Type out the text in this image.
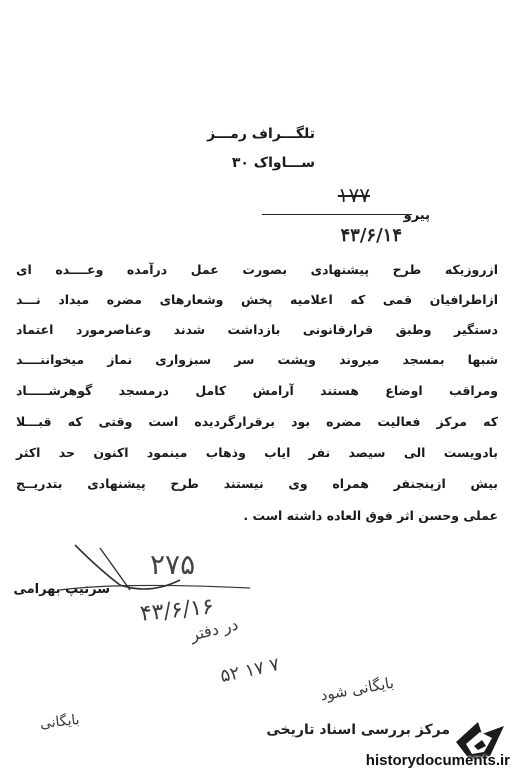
تلگـــراف رمـــز
ســـاواک ۳۰
۱۷۷
پیرو
۴۳/۶/۱۴
ازروزیکه طرح پیشنهادی بصورت عمل درآمده وعــــده ای
ازاطرافیان قمی که اعلامیه پخش وشعارهای مضره میداد نـــد
دستگیر وطبق قرارقانونی بازداشت شدند وعناصرمورد اعتماد
شبها بمسجد میروند وپشت سر سبزواری نماز میخواننــــد
ومراقب اوضاع هستند آرامش کامل درمسجد گوهرشـــــاد
که مرکز فعالیت مضره بود برقرارگردیده است وقتی که قبـــلا
بادویست الی سیصد نفر ایاب وذهاب مینمود اکنون حد اکثر
بیش ازپنجنفر همراه وی نیستند طرح پیشنهادی بتدریــج
عملی وحسن اثر فوق العاده داشته است .
۲۷۵
سرتیپ بهرامی
۴۳/۶/۱۶
در دفتر
۷ ۱۷ ۵۲
بایگانی شود
بایگانی	مرکز بررسی اسناد تاریخی
historydocuments.ir
